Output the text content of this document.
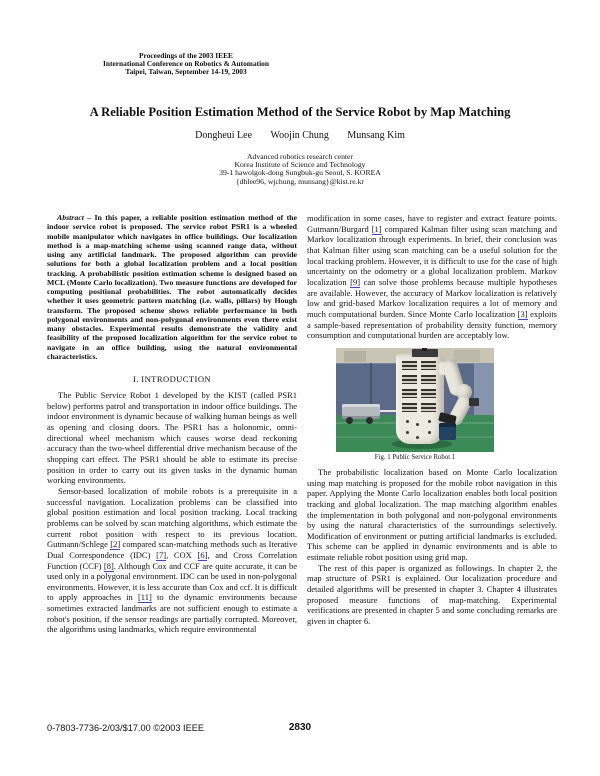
Proceedings of the 2003 IEEE
International Conference on Robotics & Automation
Taipei, Taiwan, September 14-19, 2003
A Reliable Position Estimation Method of the Service Robot by Map Matching
Dongheui Lee Woojin Chung Munsang Kim
Advanced robotics research center
Korea Institute of Science and Technology
39-1 hawolgok-dong Sungbuk-gu Seoul, S. KOREA
{dhlee96, wjchung, munsang}@kist.re.kr

Abstract – In this paper, a reliable position estimation method of the indoor service robot is proposed. The service robot PSR1 is a wheeled mobile manipulator which navigates in office buildings. Our localization method is a map-matching scheme using scanned range data, without using any artificial landmark. The proposed algorithm can provide solutions for both a global localization problem and a local position tracking. A probabilistic position estimation scheme is designed based on MCL (Monte Carlo localization). Two measure functions are developed for computing positional probabilities. The robot automatically decides whether it uses geometric pattern matching (i.e. walls, pillars) by Hough transform. The proposed scheme shows reliable performance in both polygonal environments and non-polygonal environments even there exist many obstacles. Experimental results demonstrate the validity and feasibility of the proposed localization algorithm for the service robot to navigate in an office building, using the natural environmental characteristics.

I. INTRODUCTION

The Public Service Robot 1 developed by the KIST (called PSR1 below) performs patrol and transportation in indoor office buildings. The indoor environment is dynamic because of walking human beings as well as opening and closing doors. The PSR1 has a holonomic, omni-directional wheel mechanism which causes worse dead reckoning accuracy than the two-wheel differential drive mechanism because of the shopping cart effect. The PSR1 should be able to estimate its precise position in order to carry out its given tasks in the dynamic human working environments.

Sensor-based localization of mobile robots is a prerequisite in a successful navigation. Localization problems can be classified into global position estimation and local position tracking. Local tracking problems can be solved by scan matching algorithms, which estimate the current robot position with respect to its previous location. Gutmann/Schlege [2] compared scan-matching methods such as Iterative Dual Correspondence (IDC) [7], COX [6], and Cross Correlation Function (CCF) [8]. Although Cox and CCF are quite accurate, it can be used only in a polygonal environment. IDC can be used in non-polygonal environments. However, it is less accurate than Cox and ccf. It is difficult to apply approaches in [11] to the dynamic environments because sometimes extracted landmarks are not sufficient enough to estimate a robot's position, if the sensor readings are partially corrupted. Moreover, the algorithms using landmarks, which require environmental

modification in some cases, have to register and extract feature points. Gutmann/Burgard [1] compared Kalman filter using scan matching and Markov localization through experiments. In brief, their conclusion was that Kalman filter using scan matching can be a useful solution for the local tracking problem. However, it is difficult to use for the case of high uncertainty on the odometry or a global localization problem. Markov localization [9] can solve those problems because multiple hypotheses are available. However, the accuracy of Markov localization is relatively low and grid-based Markov localization requires a lot of memory and much computational burden. Since Monte Carlo localization [3] exploits a sample-based representation of probability density function, memory consumption and computational burden are acceptably low.

Fig. 1 Public Service Robot 1

The probabilistic localization based on Monte Carlo localization using map matching is proposed for the mobile robot navigation in this paper. Applying the Monte Carlo localization enables both local position tracking and global localization. The map matching algorithm enables the implementation in both polygonal and non-polygonal environments by using the natural characteristics of the surroundings selectively. Modification of environment or putting artificial landmarks is excluded. This scheme can be applied in dynamic environments and is able to estimate reliable robot position using grid map.

The rest of this paper is organized as followings. In chapter 2, the map structure of PSR1 is explained. Our localization procedure and detailed algorithms will be presented in chapter 3. Chapter 4 illustrates proposed measure functions of map-matching. Experimental verifications are presented in chapter 5 and some concluding remarks are given in chapter 6.

0-7803-7736-2/03/$17.00 ©2003 IEEE	2830
